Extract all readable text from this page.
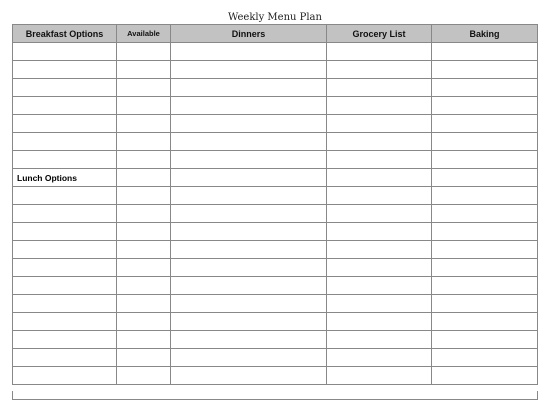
Weekly Menu Plan
Breakfast Options	Available	Dinners	Grocery List	Baking

Lunch Options				
